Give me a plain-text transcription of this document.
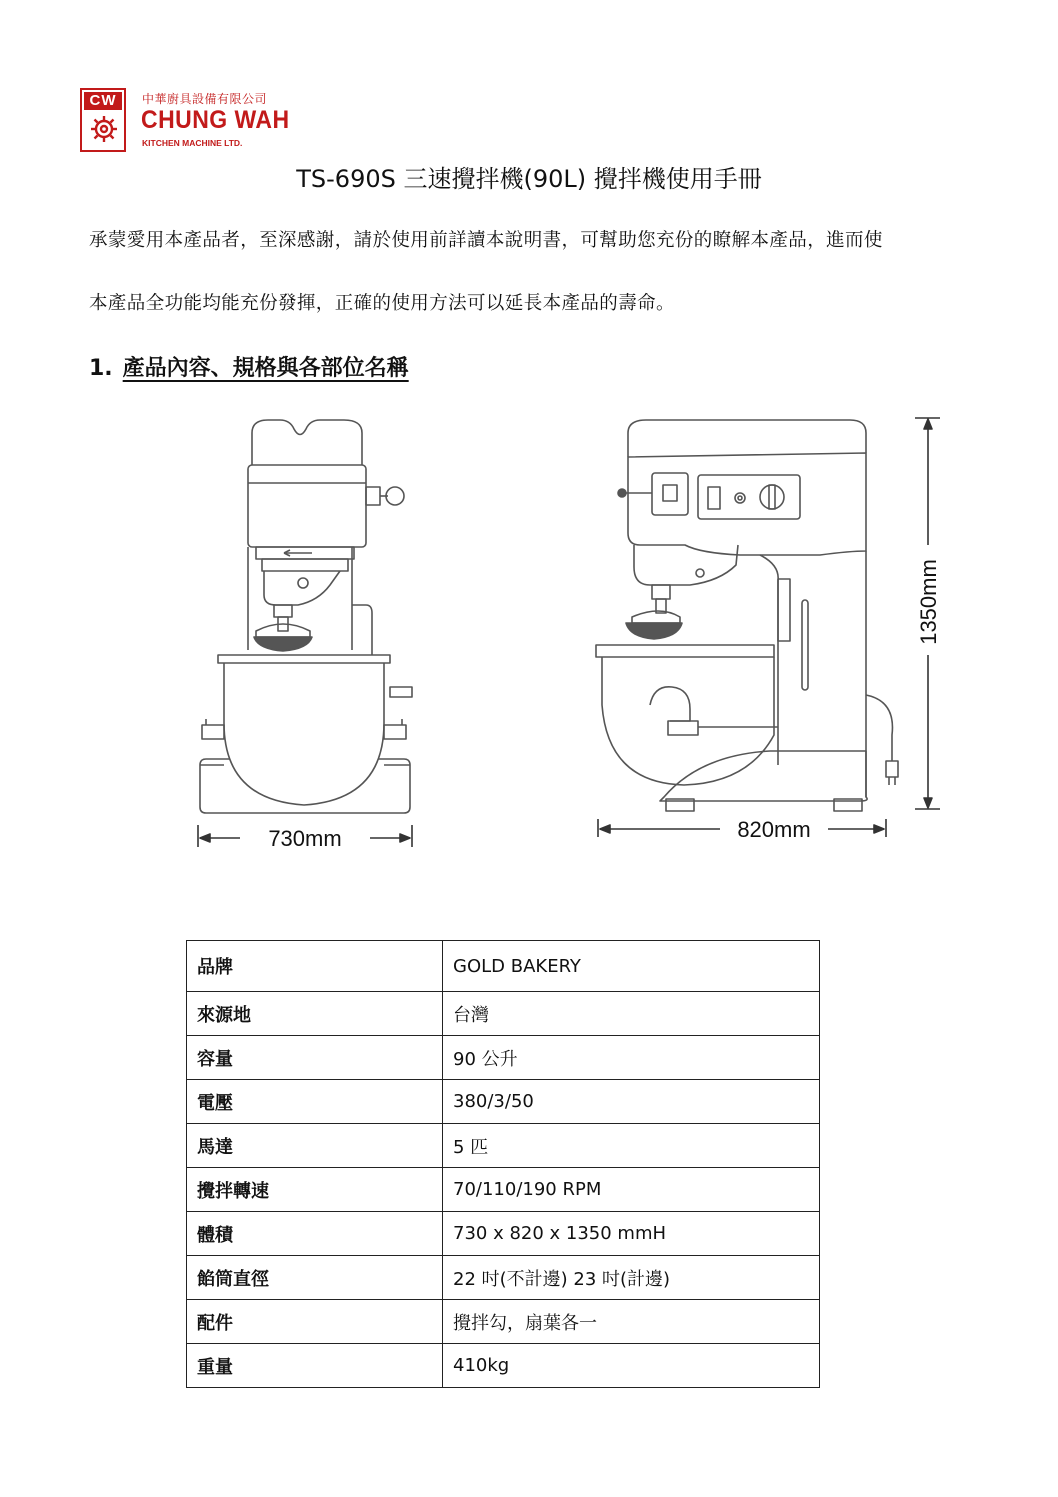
CW	中華廚具設備有限公司
CHUNG WAH
KITCHEN MACHINE LTD.
TS-690S 三速攪拌機(90L) 攪拌機使用手冊
承蒙愛用本產品者，至深感謝，請於使用前詳讀本說明書，可幫助您充份的瞭解本產品，進而使
本產品全功能均能充份發揮，正確的使用方法可以延長本產品的壽命。
1. 產品內容、規格與各部位名稱
730mm	820mm
1350mm
品牌	GOLD BAKERY
來源地	台灣
容量	90 公升
電壓	380/3/50
馬達	5 匹
攪拌轉速	70/110/190 RPM
體積	730 x 820 x 1350 mmH
餡筒直徑	22 吋(不計邊) 23 吋(計邊)
配件	攪拌勾，扇葉各一
重量	410kg
